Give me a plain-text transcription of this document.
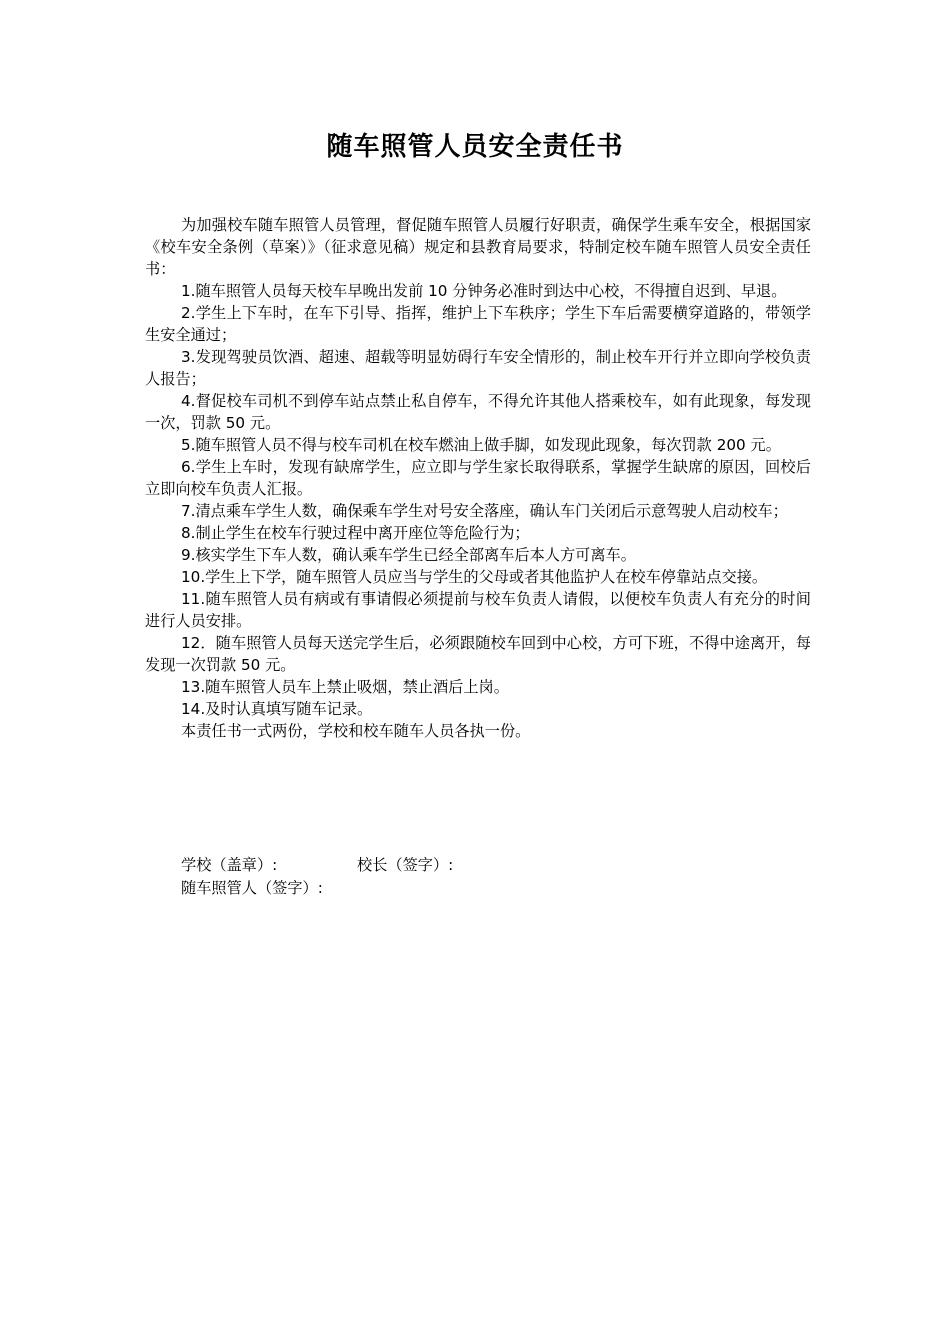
随车照管人员安全责任书

为加强校车随车照管人员管理，督促随车照管人员履行好职责，确保学生乘车安全，根据国家《校车安全条例（草案）》（征求意见稿）规定和县教育局要求，特制定校车随车照管人员安全责任书：

1.随车照管人员每天校车早晚出发前 10 分钟务必准时到达中心校，不得擅自迟到、早退。

2.学生上下车时，在车下引导、指挥，维护上下车秩序；学生下车后需要横穿道路的，带领学生安全通过；

3.发现驾驶员饮酒、超速、超载等明显妨碍行车安全情形的，制止校车开行并立即向学校负责人报告；

4.督促校车司机不到停车站点禁止私自停车，不得允许其他人搭乘校车，如有此现象，每发现一次，罚款 50 元。

5.随车照管人员不得与校车司机在校车燃油上做手脚，如发现此现象，每次罚款 200 元。

6.学生上车时，发现有缺席学生，应立即与学生家长取得联系，掌握学生缺席的原因，回校后立即向校车负责人汇报。

7.清点乘车学生人数，确保乘车学生对号安全落座，确认车门关闭后示意驾驶人启动校车；

8.制止学生在校车行驶过程中离开座位等危险行为；

9.核实学生下车人数，确认乘车学生已经全部离车后本人方可离车。

10.学生上下学，随车照管人员应当与学生的父母或者其他监护人在校车停靠站点交接。

11.随车照管人员有病或有事请假必须提前与校车负责人请假，以便校车负责人有充分的时间进行人员安排。

12．随车照管人员每天送完学生后，必须跟随校车回到中心校，方可下班，不得中途离开，每发现一次罚款 50 元。

13.随车照管人员车上禁止吸烟，禁止酒后上岗。

14.及时认真填写随车记录。

本责任书一式两份，学校和校车随车人员各执一份。

学校（盖章）:	校长（签字）:
随车照管人（签字）:
